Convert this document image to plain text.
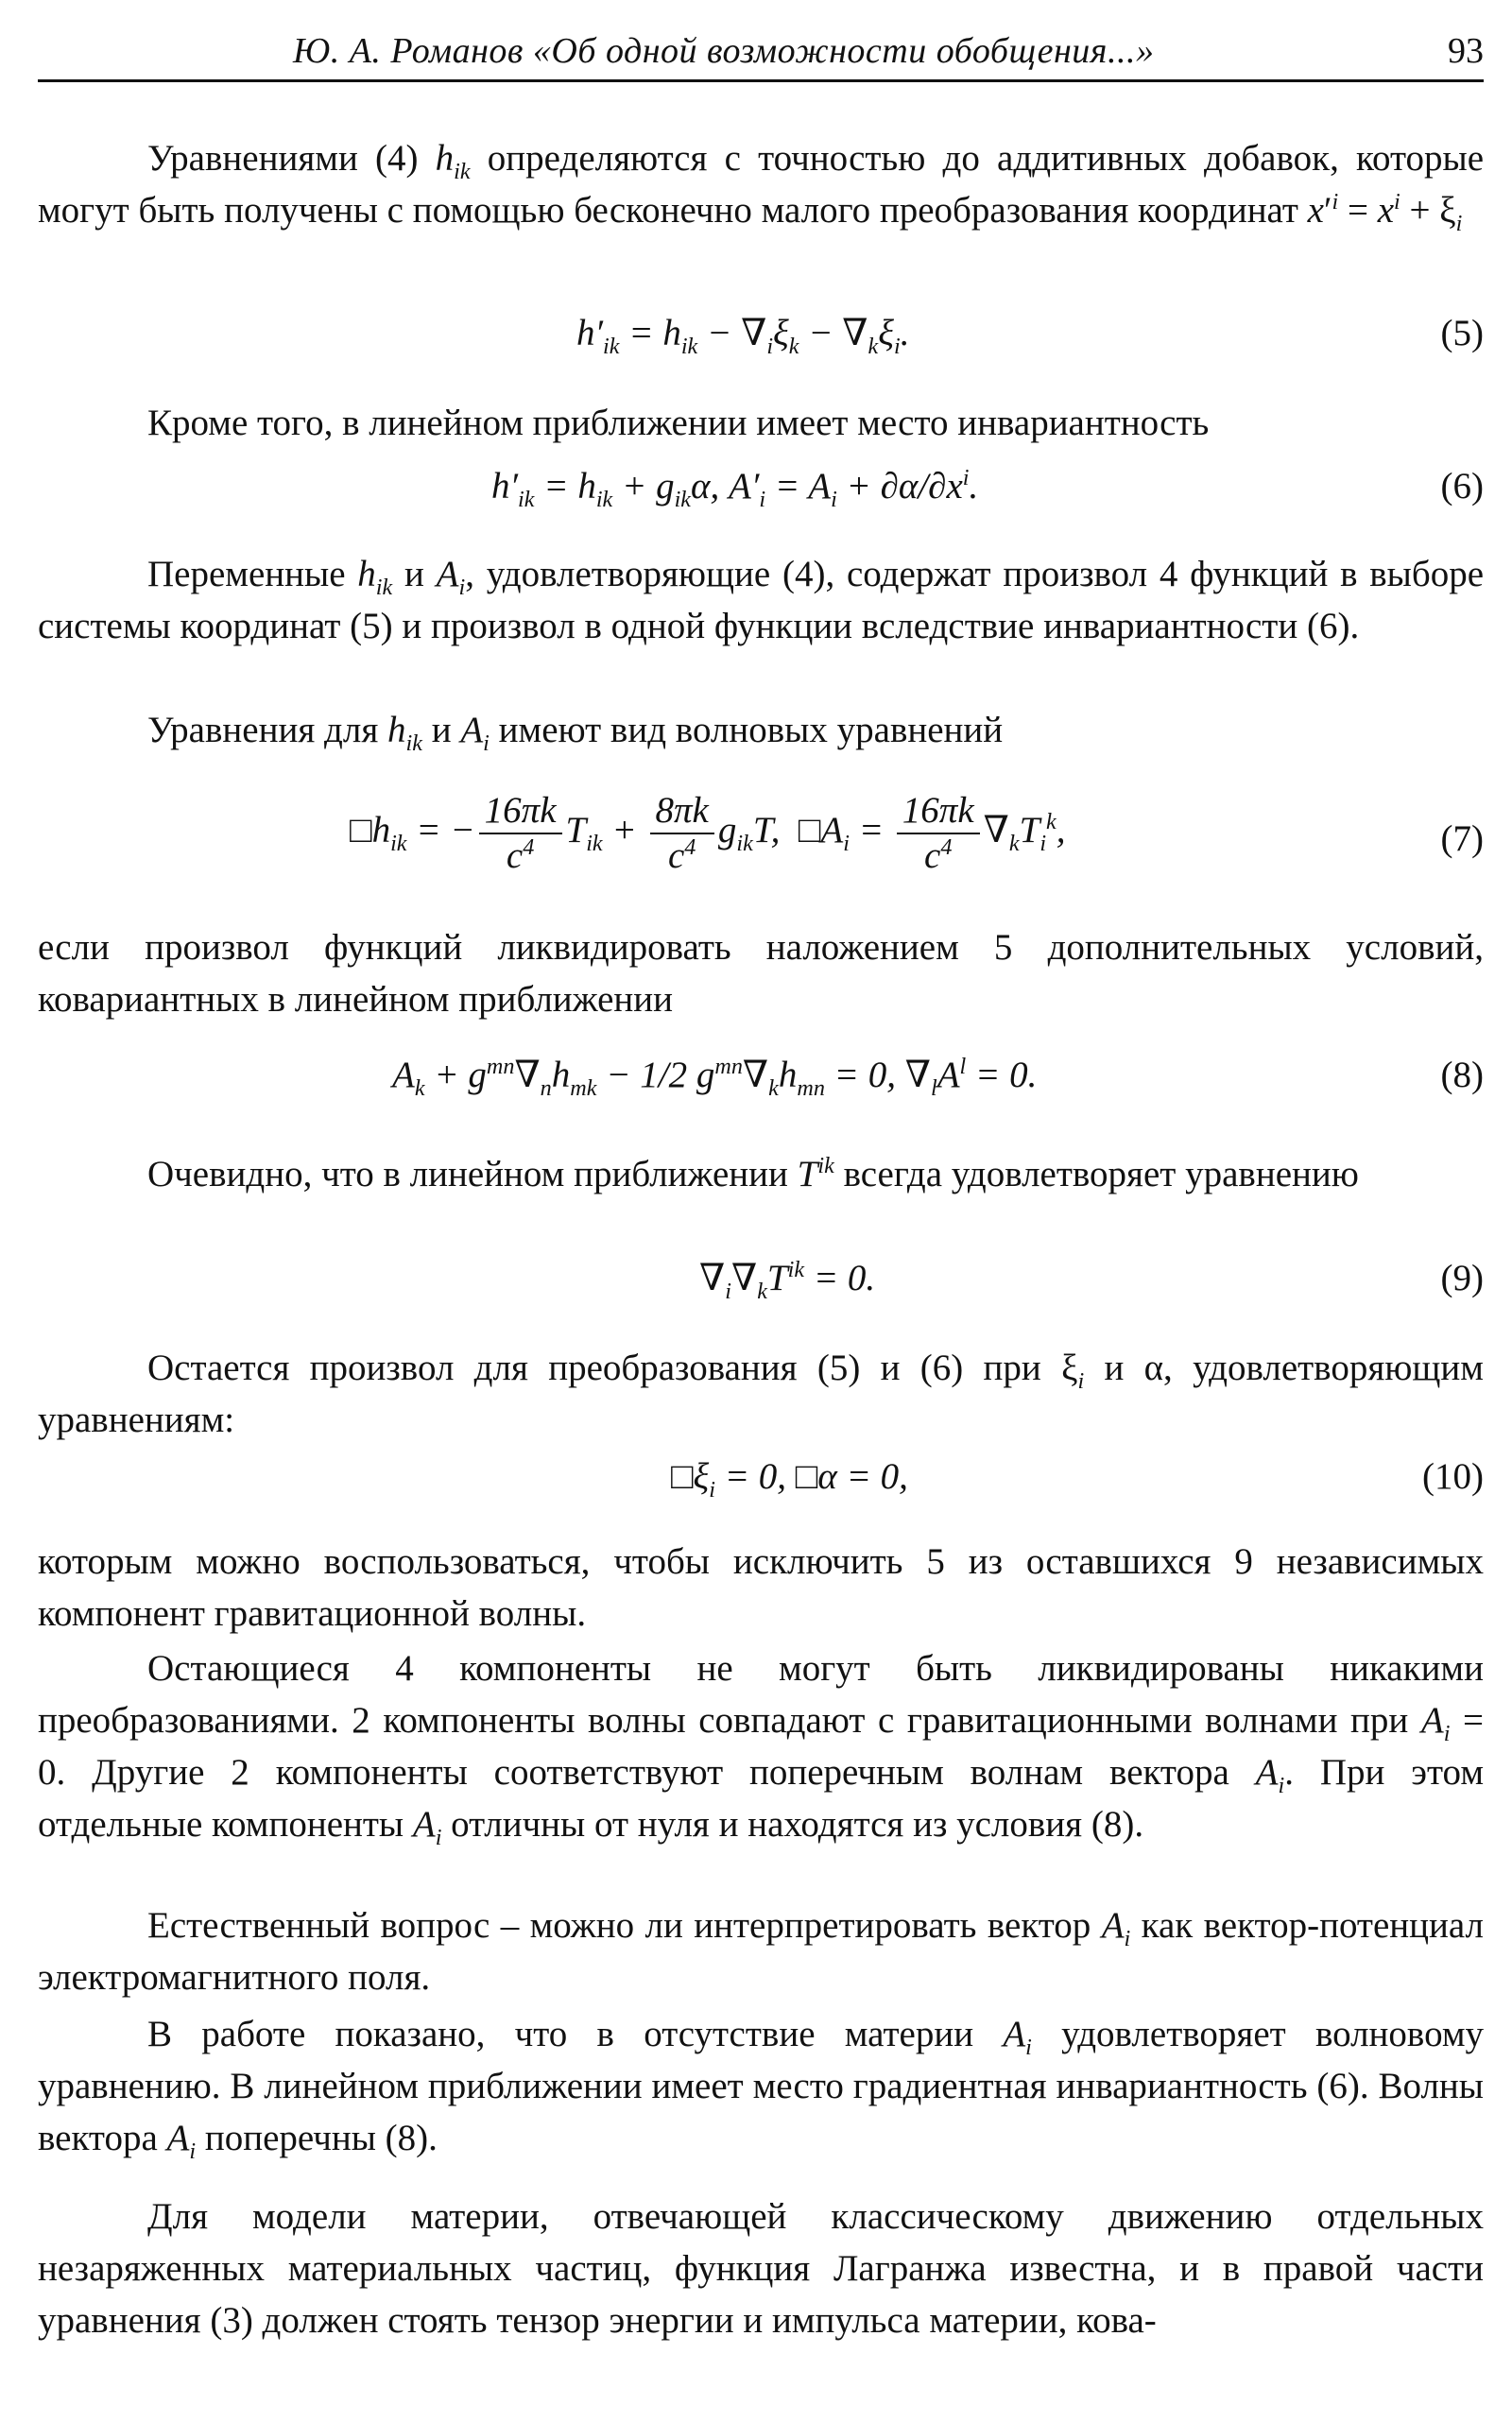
Ю. А. Романов «Об одной возможности обобщения...»	93

Уравнениями (4) $h_{ik}$ определяются с точностью до аддитивных добавок, которые могут быть получены с помощью бесконечно малого преобразования координат $x'^i = x^i + \xi_i$

$h'_{ik} = h_{ik} - \nabla_i\xi_k - \nabla_k\xi_i$.	(5)

Кроме того, в линейном приближении имеет место инвариантность

$h'_{ik} = h_{ik} + g_{ik}\alpha$, $A'_i = A_i + \partial\alpha/\partial x^i$.	(6)

Переменные $h_{ik}$ и $A_i$, удовлетворяющие (4), содержат произвол 4 функций в выборе системы координат (5) и произвол в одной функции вследствие инвариантности (6).

Уравнения для $h_{ik}$ и $A_i$ имеют вид волновых уравнений

$□h_{ik}$ = − $\frac{16\pi k}{c^4} T_{ik} + \frac{8\pi k}{c^4} g_{ik}T$,  $□A_i = \frac{16\pi k}{c^4} \nabla_kT_i^k$,	(7)

если произвол функций ликвидировать наложением 5 дополнительных условий, ковариантных в линейном приближении

$A_k + g^{mn}\nabla_nh_{mk} - 1/2$ $g^{mn}\nabla_kh_{mn} = 0$, $\nabla_lA^l = 0$.	(8)

Очевидно, что в линейном приближении $T^{ik}$ всегда удовлетворяет уравнению

$\nabla_i\nabla_kT^{ik} = 0$.	(9)

Остается произвол для преобразования (5) и (6) при $\xi_i$ и α, удовлетворяющим уравнениям:

$□\xi_i = 0$, □α = 0,	(10)

которым можно воспользоваться, чтобы исключить 5 из оставшихся 9 независимых компонент гравитационной волны.

Остающиеся 4 компоненты не могут быть ликвидированы никакими преобразованиями. 2 компоненты волны совпадают с гравитационными волнами при $A_i = 0$. Другие 2 компоненты соответствуют поперечным волнам вектора $A_i$. При этом отдельные компоненты $A_i$ отличны от нуля и находятся из условия (8).

Естественный вопрос – можно ли интерпретировать вектор $A_i$ как вектор-потенциал электромагнитного поля.

В работе показано, что в отсутствие материи $A_i$ удовлетворяет волновому уравнению. В линейном приближении имеет место градиентная инвариантность (6). Волны вектора $A_i$ поперечны (8).

Для модели материи, отвечающей классическому движению отдельных незаряженных материальных частиц, функция Лагранжа известна, и в правой части уравнения (3) должен стоять тензор энергии и импульса материи, кова-
